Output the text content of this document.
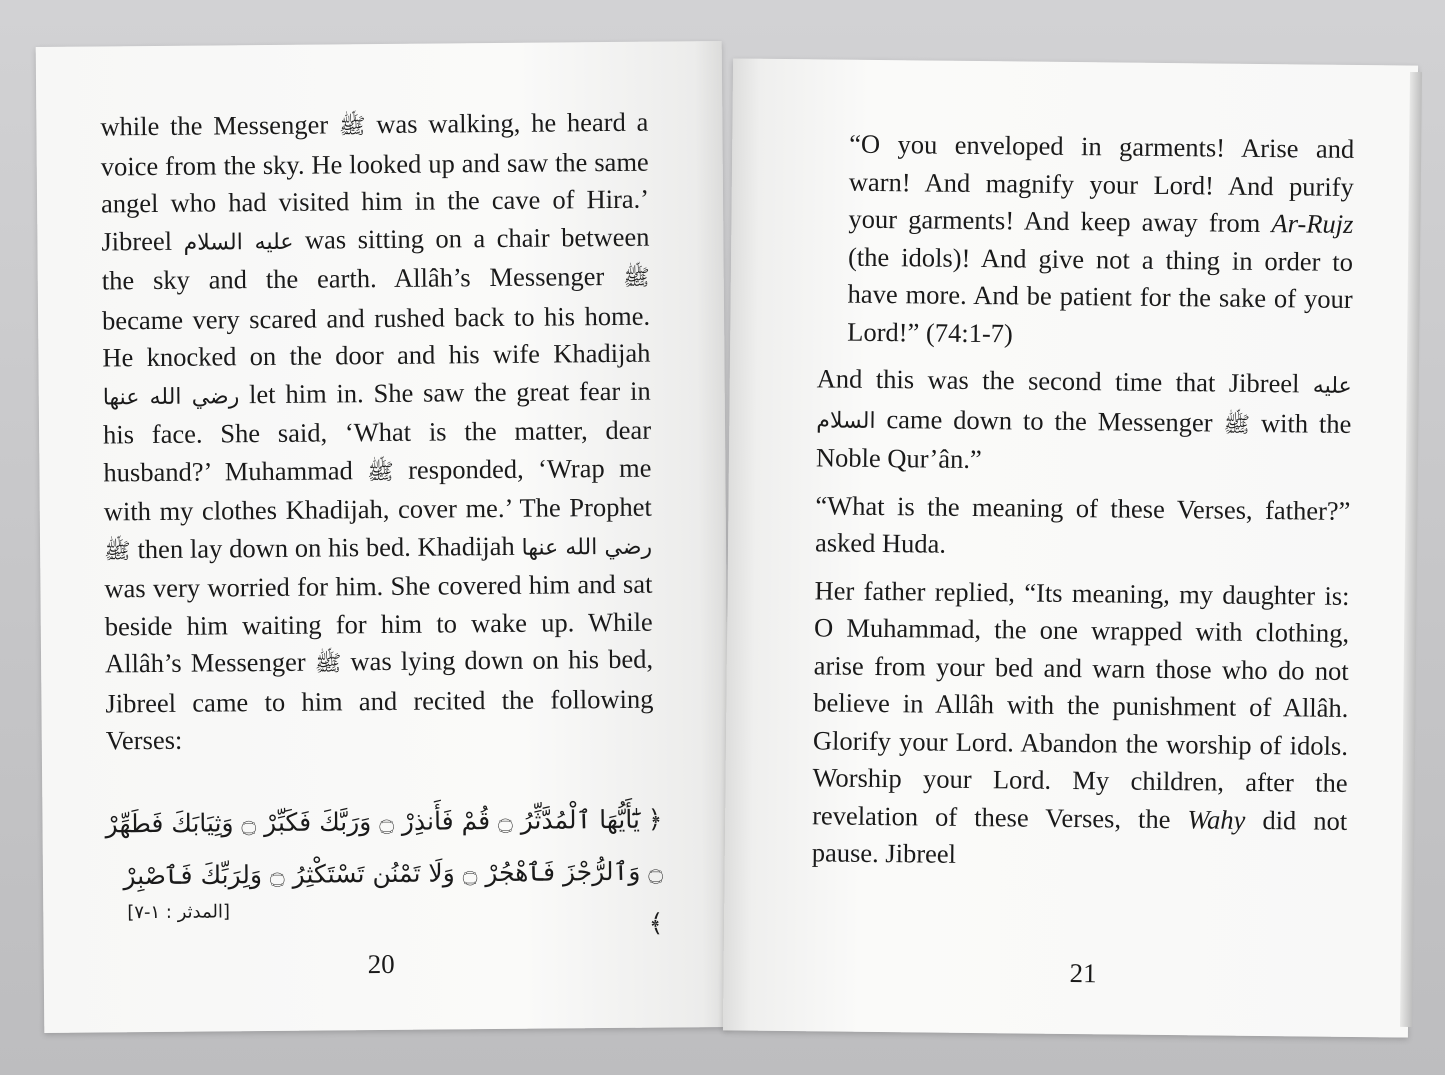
while the Messenger ﷺ was walking, he heard a voice from the sky. He looked up and saw the same angel who had visited him in the cave of Hira.’ Jibreel عليه السلام was sitting on a chair between the sky and the earth. Allâh’s Messenger ﷺ became very scared and rushed back to his home. He knocked on the door and his wife Khadijah رضي الله عنها let him in. She saw the great fear in his face. She said, ‘What is the matter, dear husband?’ Muhammad ﷺ responded, ‘Wrap me with my clothes Khadijah, cover me.’ The Prophet ﷺ then lay down on his bed. Khadijah رضي الله عنها was very worried for him. She covered him and sat beside him waiting for him to wake up. While Allâh’s Messenger ﷺ was lying down on his bed, Jibreel came to him and recited the following Verses:

﴿ يَٰٓأَيُّهَا ٱلْمُدَّثِّرُ ۝ قُمْ فَأَنذِرْ ۝ وَرَبَّكَ فَكَبِّرْ ۝ وَثِيَابَكَ فَطَهِّرْ ۝ وَٱلرُّجْزَ فَٱهْجُرْ ۝ وَلَا تَمْنُن تَسْتَكْثِرُ ۝ وَلِرَبِّكَ فَٱصْبِرْ ﴾
[المدثر : ١-٧]
20

“O you enveloped in garments! Arise and warn! And magnify your Lord! And purify your garments! And keep away from Ar-Rujz (the idols)! And give not a thing in order to have more. And be patient for the sake of your Lord!” (74:1-7)

And this was the second time that Jibreel عليه السلام came down to the Messenger ﷺ with the Noble Qur’ân.”

“What is the meaning of these Verses, father?” asked Huda.

Her father replied, “Its meaning, my daughter is: O Muhammad, the one wrapped with clothing, arise from your bed and warn those who do not believe in Allâh with the punishment of Allâh. Glorify your Lord. Abandon the worship of idols. Worship your Lord. My children, after the revelation of these Verses, the Wahy did not pause. Jibreel

21
